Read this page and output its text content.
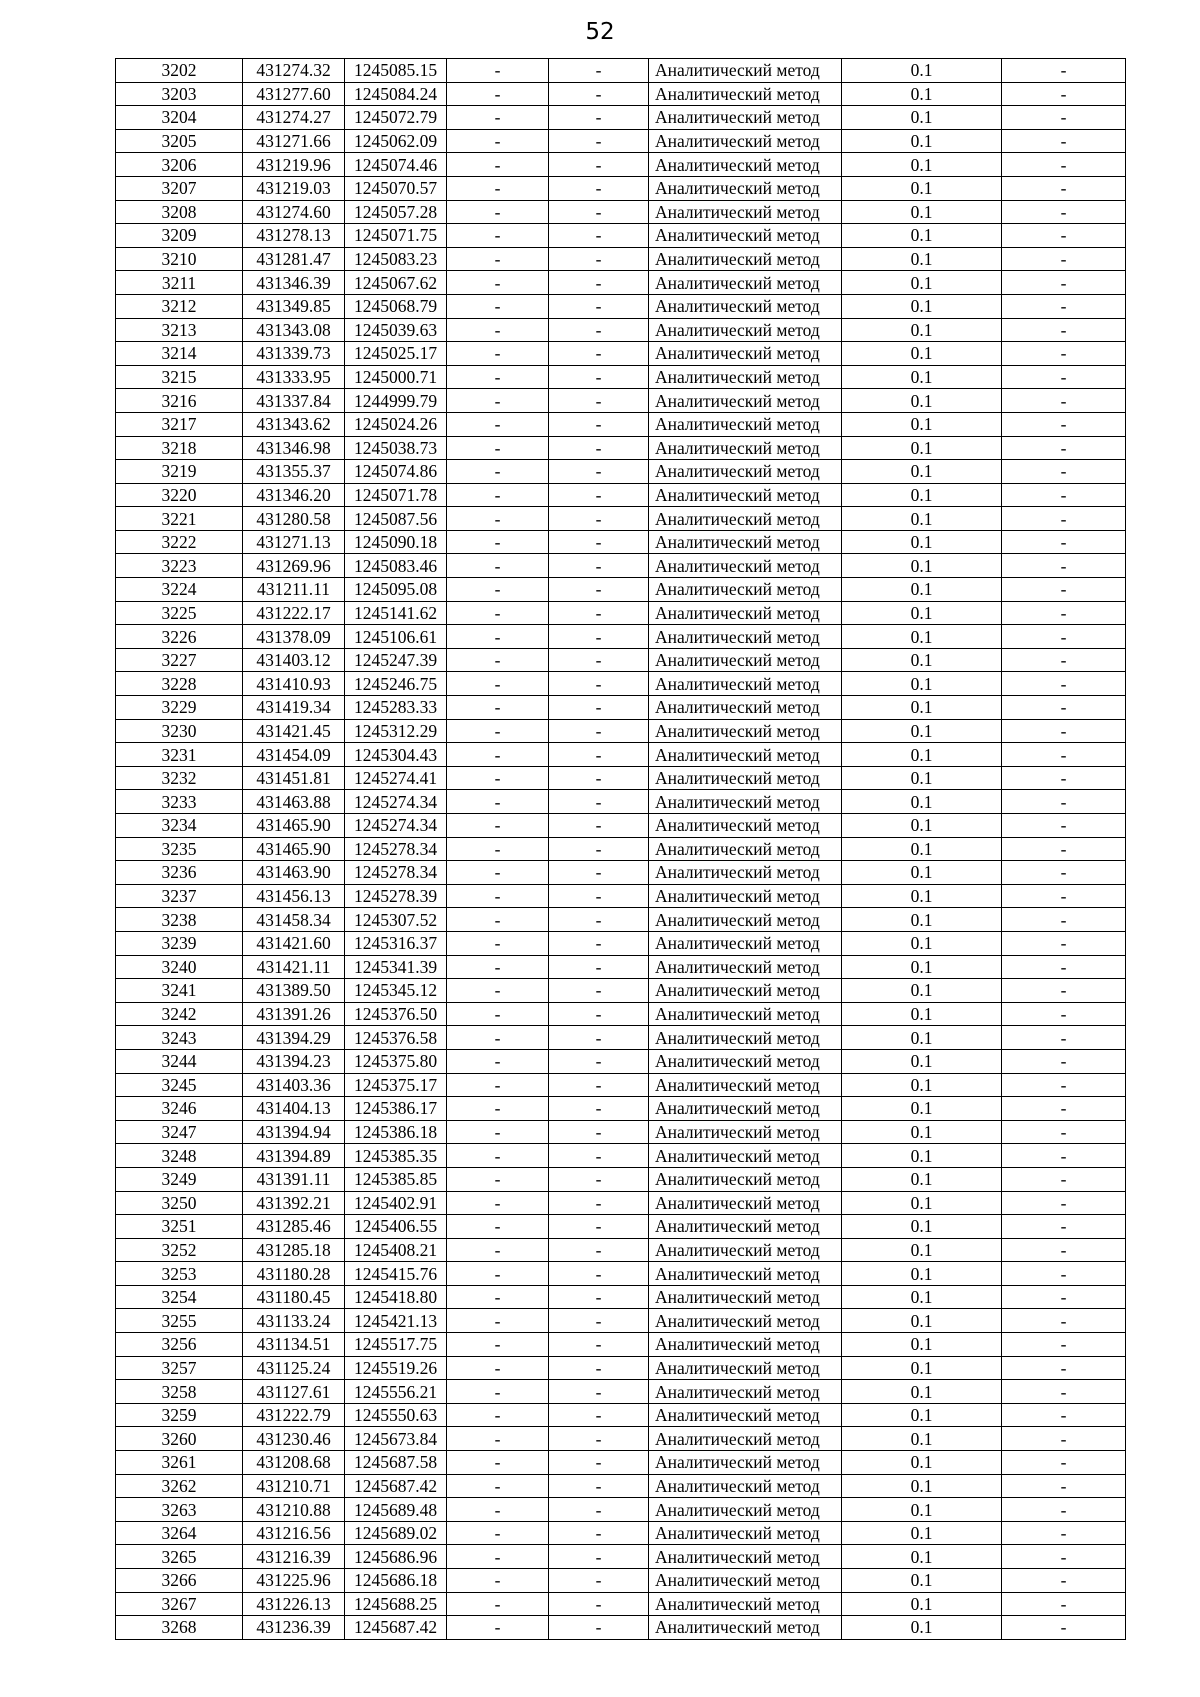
52
3202	431274.32	1245085.15	-	-	Аналитический метод	0.1	-
3203	431277.60	1245084.24	-	-	Аналитический метод	0.1	-
3204	431274.27	1245072.79	-	-	Аналитический метод	0.1	-
3205	431271.66	1245062.09	-	-	Аналитический метод	0.1	-
3206	431219.96	1245074.46	-	-	Аналитический метод	0.1	-
3207	431219.03	1245070.57	-	-	Аналитический метод	0.1	-
3208	431274.60	1245057.28	-	-	Аналитический метод	0.1	-
3209	431278.13	1245071.75	-	-	Аналитический метод	0.1	-
3210	431281.47	1245083.23	-	-	Аналитический метод	0.1	-
3211	431346.39	1245067.62	-	-	Аналитический метод	0.1	-
3212	431349.85	1245068.79	-	-	Аналитический метод	0.1	-
3213	431343.08	1245039.63	-	-	Аналитический метод	0.1	-
3214	431339.73	1245025.17	-	-	Аналитический метод	0.1	-
3215	431333.95	1245000.71	-	-	Аналитический метод	0.1	-
3216	431337.84	1244999.79	-	-	Аналитический метод	0.1	-
3217	431343.62	1245024.26	-	-	Аналитический метод	0.1	-
3218	431346.98	1245038.73	-	-	Аналитический метод	0.1	-
3219	431355.37	1245074.86	-	-	Аналитический метод	0.1	-
3220	431346.20	1245071.78	-	-	Аналитический метод	0.1	-
3221	431280.58	1245087.56	-	-	Аналитический метод	0.1	-
3222	431271.13	1245090.18	-	-	Аналитический метод	0.1	-
3223	431269.96	1245083.46	-	-	Аналитический метод	0.1	-
3224	431211.11	1245095.08	-	-	Аналитический метод	0.1	-
3225	431222.17	1245141.62	-	-	Аналитический метод	0.1	-
3226	431378.09	1245106.61	-	-	Аналитический метод	0.1	-
3227	431403.12	1245247.39	-	-	Аналитический метод	0.1	-
3228	431410.93	1245246.75	-	-	Аналитический метод	0.1	-
3229	431419.34	1245283.33	-	-	Аналитический метод	0.1	-
3230	431421.45	1245312.29	-	-	Аналитический метод	0.1	-
3231	431454.09	1245304.43	-	-	Аналитический метод	0.1	-
3232	431451.81	1245274.41	-	-	Аналитический метод	0.1	-
3233	431463.88	1245274.34	-	-	Аналитический метод	0.1	-
3234	431465.90	1245274.34	-	-	Аналитический метод	0.1	-
3235	431465.90	1245278.34	-	-	Аналитический метод	0.1	-
3236	431463.90	1245278.34	-	-	Аналитический метод	0.1	-
3237	431456.13	1245278.39	-	-	Аналитический метод	0.1	-
3238	431458.34	1245307.52	-	-	Аналитический метод	0.1	-
3239	431421.60	1245316.37	-	-	Аналитический метод	0.1	-
3240	431421.11	1245341.39	-	-	Аналитический метод	0.1	-
3241	431389.50	1245345.12	-	-	Аналитический метод	0.1	-
3242	431391.26	1245376.50	-	-	Аналитический метод	0.1	-
3243	431394.29	1245376.58	-	-	Аналитический метод	0.1	-
3244	431394.23	1245375.80	-	-	Аналитический метод	0.1	-
3245	431403.36	1245375.17	-	-	Аналитический метод	0.1	-
3246	431404.13	1245386.17	-	-	Аналитический метод	0.1	-
3247	431394.94	1245386.18	-	-	Аналитический метод	0.1	-
3248	431394.89	1245385.35	-	-	Аналитический метод	0.1	-
3249	431391.11	1245385.85	-	-	Аналитический метод	0.1	-
3250	431392.21	1245402.91	-	-	Аналитический метод	0.1	-
3251	431285.46	1245406.55	-	-	Аналитический метод	0.1	-
3252	431285.18	1245408.21	-	-	Аналитический метод	0.1	-
3253	431180.28	1245415.76	-	-	Аналитический метод	0.1	-
3254	431180.45	1245418.80	-	-	Аналитический метод	0.1	-
3255	431133.24	1245421.13	-	-	Аналитический метод	0.1	-
3256	431134.51	1245517.75	-	-	Аналитический метод	0.1	-
3257	431125.24	1245519.26	-	-	Аналитический метод	0.1	-
3258	431127.61	1245556.21	-	-	Аналитический метод	0.1	-
3259	431222.79	1245550.63	-	-	Аналитический метод	0.1	-
3260	431230.46	1245673.84	-	-	Аналитический метод	0.1	-
3261	431208.68	1245687.58	-	-	Аналитический метод	0.1	-
3262	431210.71	1245687.42	-	-	Аналитический метод	0.1	-
3263	431210.88	1245689.48	-	-	Аналитический метод	0.1	-
3264	431216.56	1245689.02	-	-	Аналитический метод	0.1	-
3265	431216.39	1245686.96	-	-	Аналитический метод	0.1	-
3266	431225.96	1245686.18	-	-	Аналитический метод	0.1	-
3267	431226.13	1245688.25	-	-	Аналитический метод	0.1	-
3268	431236.39	1245687.42	-	-	Аналитический метод	0.1	-
